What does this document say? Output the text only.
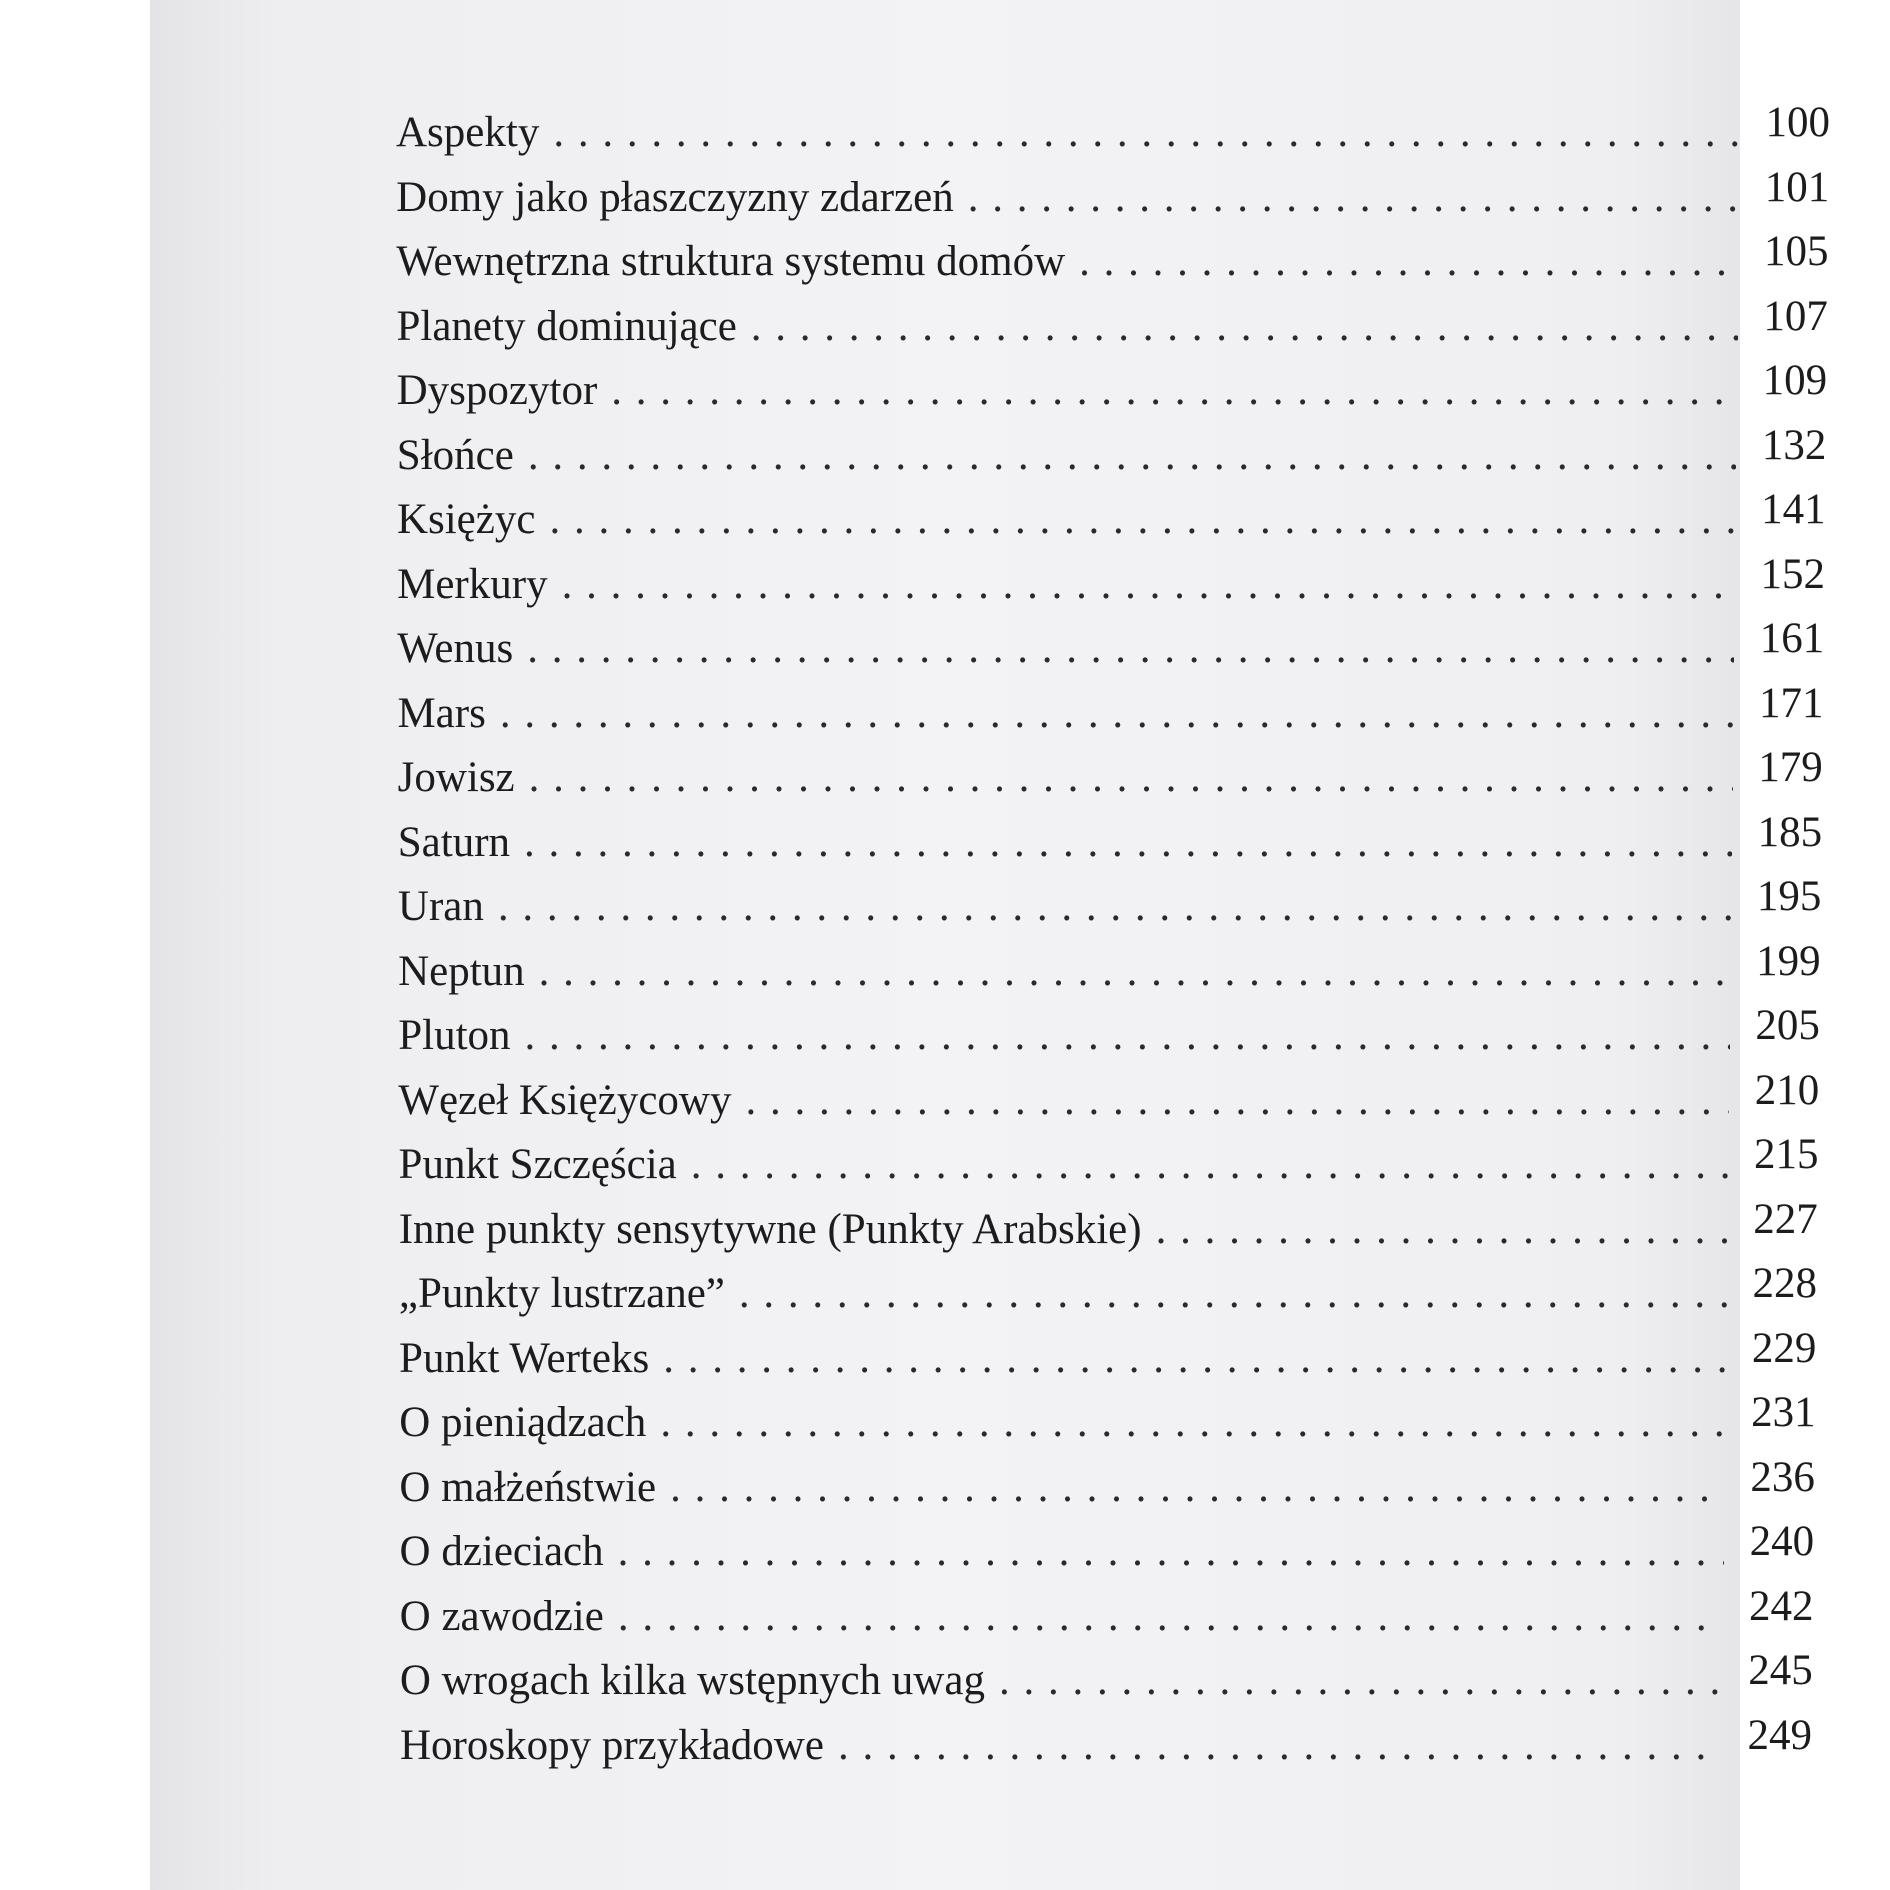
Aspekty . . .	100
Domy jako płaszczyzny zdarzeń . . .	101
Wewnętrzna struktura systemu domów . . .	105
Planety dominujące . . .	107
Dyspozytor . . .	109
Słońce . . .	132
Księżyc . . .	141
Merkury . . .	152
Wenus . . .	161
Mars . . .	171
Jowisz . . .	179
Saturn . . .	185
Uran . . .	195
Neptun . . .	199
Pluton . . .	205
Węzeł Księżycowy . . .	210
Punkt Szczęścia . . .	215
Inne punkty sensytywne (Punkty Arabskie) . . .	227
„Punkty lustrzane” . . .	228
Punkt Werteks . . .	229
O pieniądzach . . .	231
O małżeństwie . . .	236
O dzieciach . . .	240
O zawodzie . . .	242
O wrogach kilka wstępnych uwag . . .	245
Horoskopy przykładowe . . .	249
